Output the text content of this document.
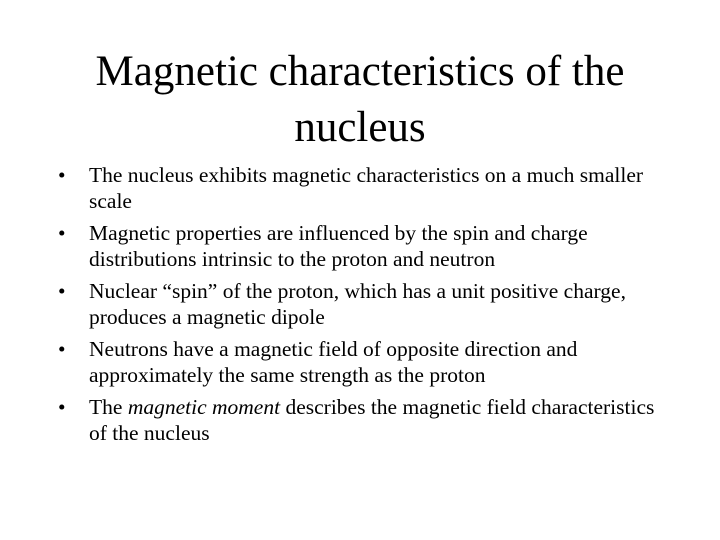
Magnetic characteristics of the nucleus
•	The nucleus exhibits magnetic characteristics on a much smaller scale
•	Magnetic properties are influenced by the spin and charge distributions intrinsic to the proton and neutron
•	Nuclear “spin” of the proton, which has a unit positive charge, produces a magnetic dipole
•	Neutrons have a magnetic field of opposite direction and approximately the same strength as the proton
•	The magnetic moment describes the magnetic field characteristics of the nucleus
